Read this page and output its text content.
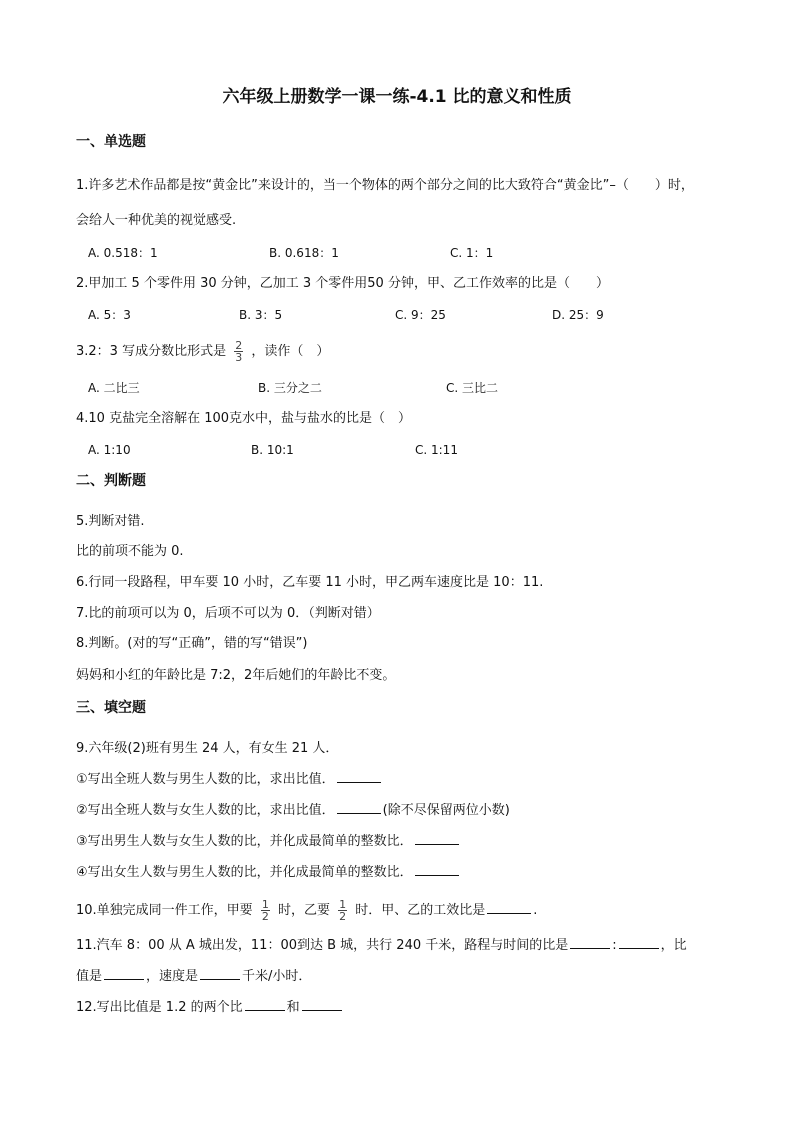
六年级上册数学一课一练-4.1 比的意义和性质
一、单选题
1.许多艺术作品都是按“黄金比”来设计的，当一个物体的两个部分之间的比大致符合“黄金比”–（　　）时，
会给人一种优美的视觉感受.
A. 0.518：1	B. 0.618：1	C. 1：1
2.甲加工 5 个零件用 30 分钟，乙加工 3 个零件用50 分钟，甲、乙工作效率的比是（　　）
A. 5：3	B. 3：5	C. 9：25	D. 25：9
3.2：3 写成分数比形式是 $\frac{2}{3}$ ，读作（　）
A. 二比三	B. 三分之二	C. 三比二
4.10 克盐完全溶解在 100克水中，盐与盐水的比是（　）
A. 1:10	B. 10:1	C. 1:11
二、判断题
5.判断对错.
比的前项不能为 0.
6.行同一段路程，甲车要 10 小时，乙车要 11 小时，甲乙两车速度比是 10：11.
7.比的前项可以为 0，后项不可以为 0．（判断对错）
8.判断。(对的写“正确”，错的写“错误”)
妈妈和小红的年龄比是 7:2，2年后她们的年龄比不变。
三、填空题
9.六年级(2)班有男生 24 人，有女生 21 人．
①写出全班人数与男生人数的比，求出比值．
②写出全班人数与女生人数的比，求出比值．	(除不尽保留两位小数)
③写出男生人数与女生人数的比，并化成最简单的整数比．
④写出女生人数与男生人数的比，并化成最简单的整数比．
10.单独完成同一件工作，甲要 $\frac{1}{2}$ 时，乙要 $\frac{1}{2}$ 时．甲、乙的工效比是	.
11.汽车 8：00 从 A 城出发，11：00到达 B 城，共行 240 千米，路程与时间的比是	:	，比
值是	，速度是	千米/小时．
12.写出比值是 1.2 的两个比	和
